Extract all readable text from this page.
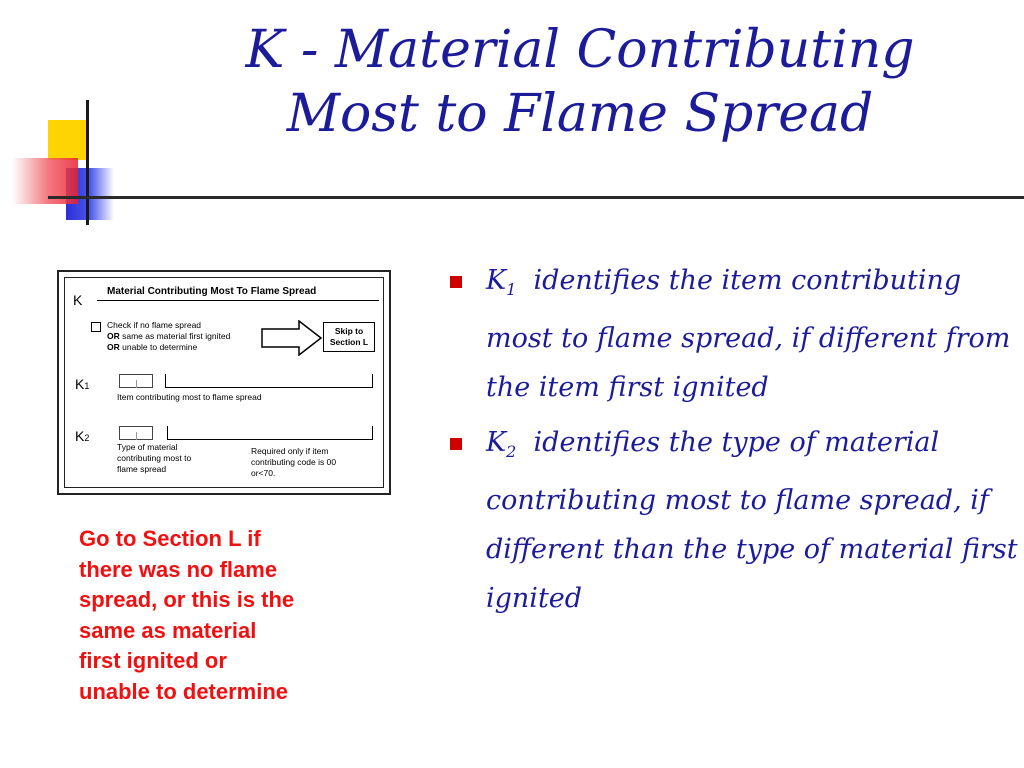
K - Material Contributing
Most to Flame Spread
K
Material Contributing Most To Flame Spread
Check if no flame spread
OR same as material first ignited
OR unable to determine
Skip to
Section L
K1
Item contributing most to flame spread
K2
Type of material
contributing most to
flame spread
Required only if item
contributing code is 00
or<70.
Go to Section L if
there was no flame
spread, or this is the
same as material
first ignited or
unable to determine
$K_1$ identifies the item contributing most to flame spread, if different from the item first ignited
$K_2$ identifies the type of material contributing most to flame spread, if different than the type of material first ignited
